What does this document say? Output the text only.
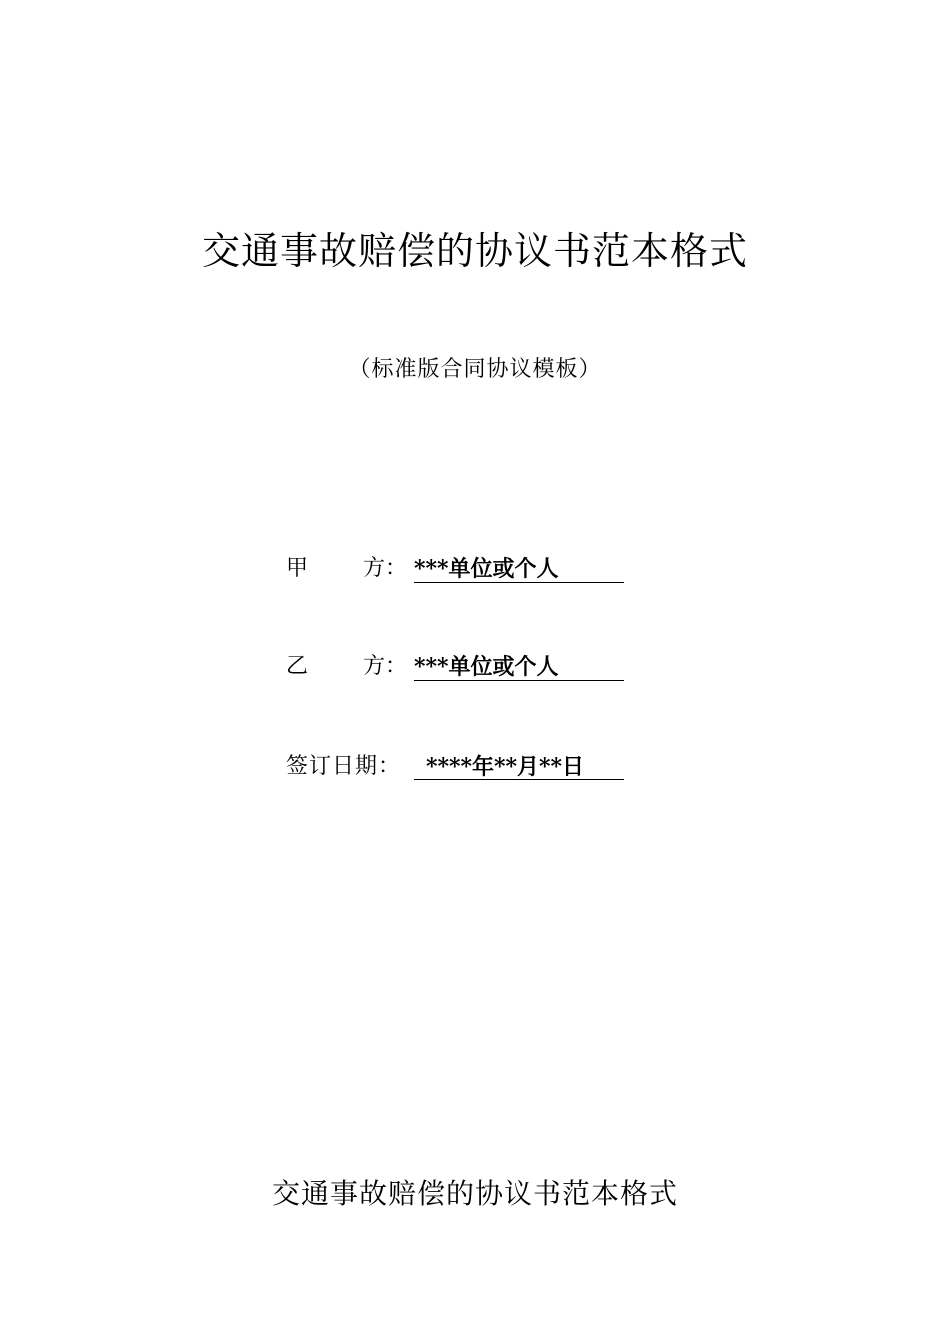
交通事故赔偿的协议书范本格式
（标准版合同协议模板）
甲 方： ***单位或个人
乙 方： ***单位或个人
签订日期：	****年**月**日
交通事故赔偿的协议书范本格式
